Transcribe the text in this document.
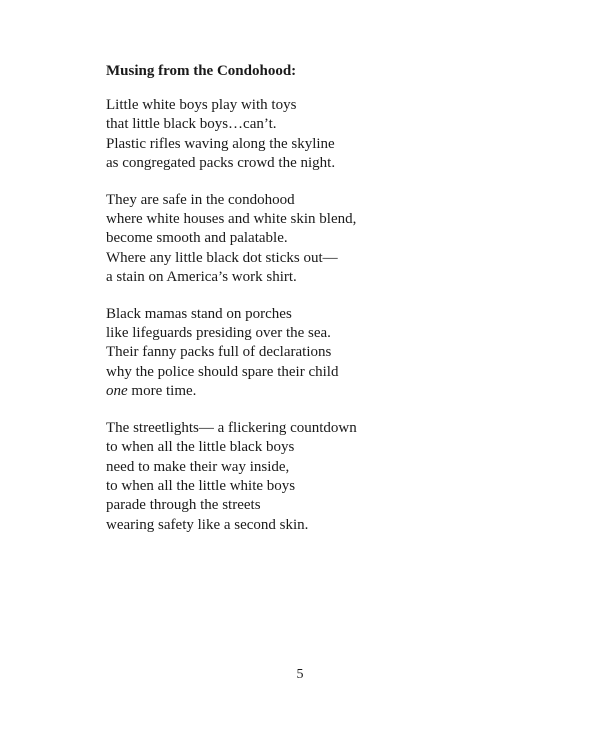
Musing from the Condohood:
Little white boys play with toys
that little black boys…can’t.
Plastic rifles waving along the skyline
as congregated packs crowd the night.
They are safe in the condohood
where white houses and white skin blend,
become smooth and palatable.
Where any little black dot sticks out—
a stain on America’s work shirt.
Black mamas stand on porches
like lifeguards presiding over the sea.
Their fanny packs full of declarations
why the police should spare their child
one more time.
The streetlights— a flickering countdown
to when all the little black boys
need to make their way inside,
to when all the little white boys
parade through the streets
wearing safety like a second skin.
5
